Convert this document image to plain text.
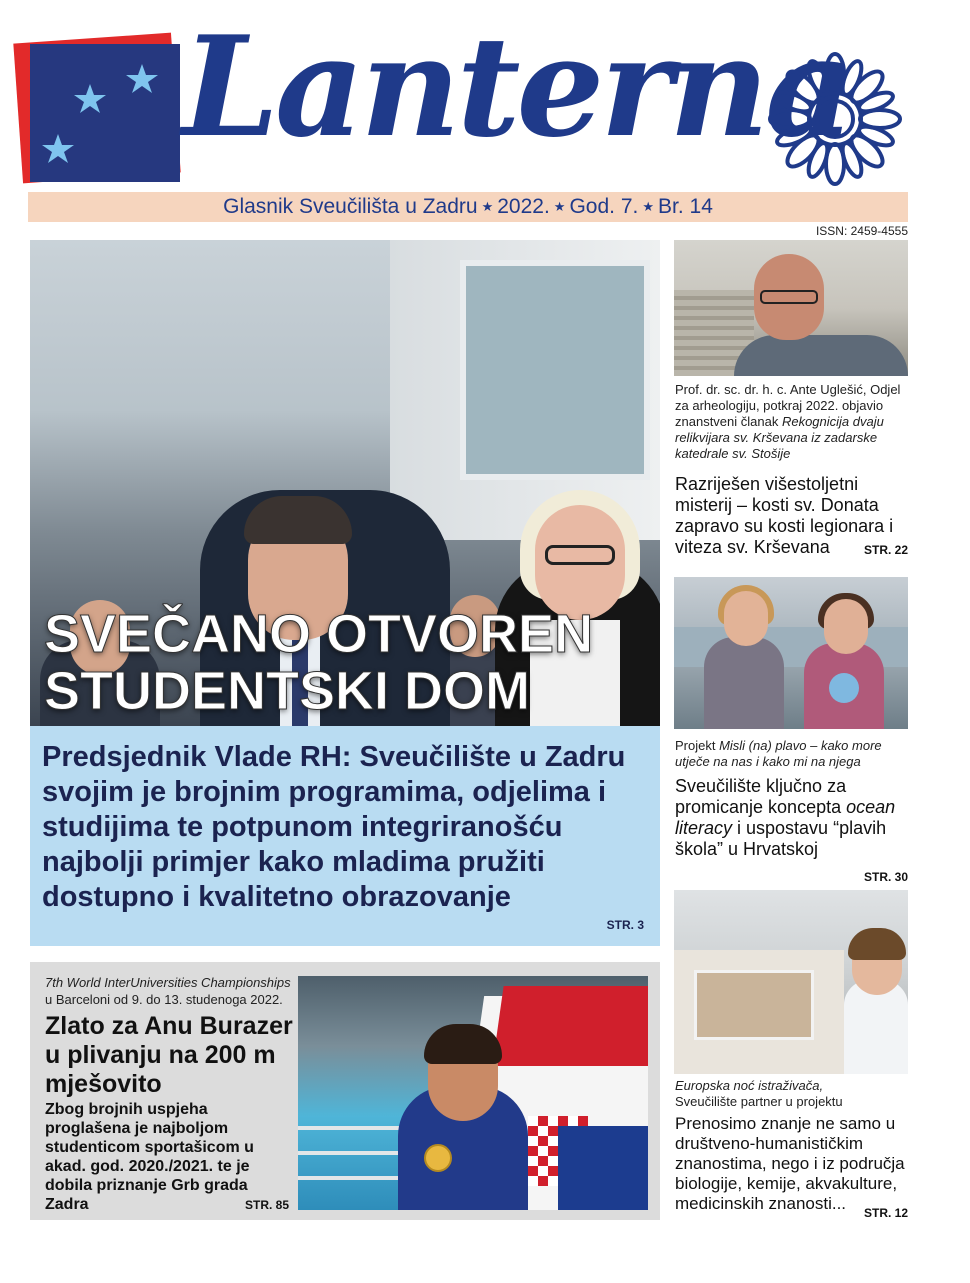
Lanterna
Glasnik Sveučilišta u Zadru ★ 2022. ★ God. 7. ★ Br. 14
ISSN: 2459-4555
SVEČANO OTVOREN
STUDENTSKI DOM
Predsjednik Vlade RH: Sveučilište u Zadru svojim je brojnim programima, odjelima i studijima te potpunom integriranošću najbolji primjer kako mladima pružiti dostupno i kvalitetno obrazovanje
STR. 3
7th World InterUniversities Championships u Barceloni od 9. do 13. studenoga 2022.
Zlato za Anu Burazer u plivanju na 200 m mješovito
Zbog brojnih uspjeha proglašena je najboljom studenticom sportašicom u akad. god. 2020./2021. te je dobila priznanje Grb grada Zadra	STR. 85
Prof. dr. sc. dr. h. c. Ante Uglešić, Odjel za arheologiju, potkraj 2022. objavio znanstveni članak Rekognicija dvaju relikvijara sv. Krševana iz zadarske katedrale sv. Stošije
Razriješen višestoljetni misterij – kosti sv. Donata zapravo su kosti legionara i viteza sv. Krševana	STR. 22
Projekt Misli (na) plavo – kako more utječe na nas i kako mi na njega
Sveučilište ključno za promicanje koncepta ocean literacy i uspostavu “plavih škola” u Hrvatskoj
STR. 30
Europska noć istraživača,
Sveučilište partner u projektu
Prenosimo znanje ne samo u društveno-humanističkim znanostima, nego i iz područja biologije, kemije, akvakulture, medicinskih znanosti...	STR. 12
